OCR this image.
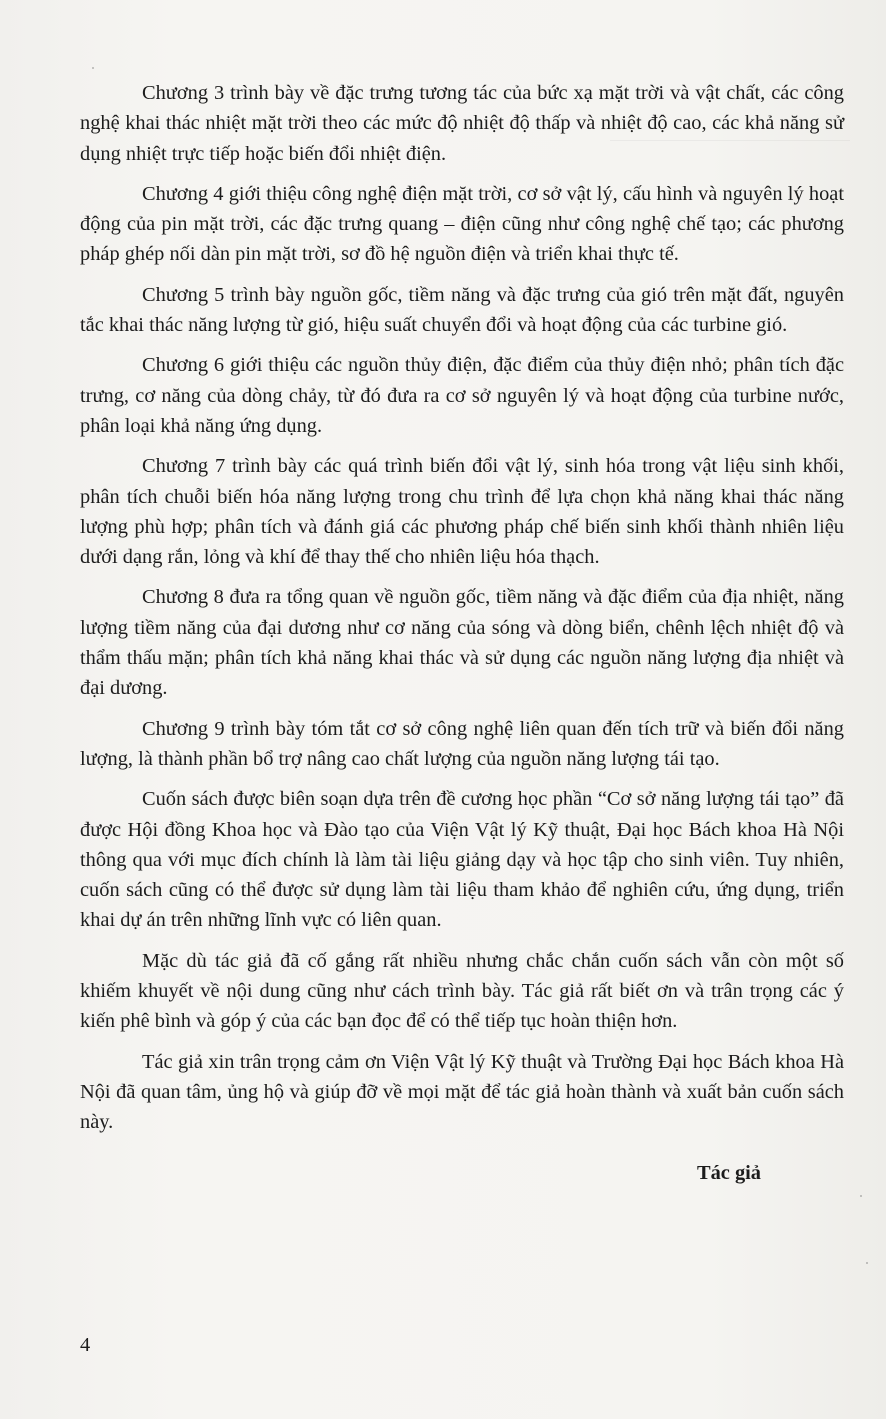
Chương 3 trình bày về đặc trưng tương tác của bức xạ mặt trời và vật chất, các công nghệ khai thác nhiệt mặt trời theo các mức độ nhiệt độ thấp và nhiệt độ cao, các khả năng sử dụng nhiệt trực tiếp hoặc biến đổi nhiệt điện.

Chương 4 giới thiệu công nghệ điện mặt trời, cơ sở vật lý, cấu hình và nguyên lý hoạt động của pin mặt trời, các đặc trưng quang – điện cũng như công nghệ chế tạo; các phương pháp ghép nối dàn pin mặt trời, sơ đồ hệ nguồn điện và triển khai thực tế.

Chương 5 trình bày nguồn gốc, tiềm năng và đặc trưng của gió trên mặt đất, nguyên tắc khai thác năng lượng từ gió, hiệu suất chuyển đổi và hoạt động của các turbine gió.

Chương 6 giới thiệu các nguồn thủy điện, đặc điểm của thủy điện nhỏ; phân tích đặc trưng, cơ năng của dòng chảy, từ đó đưa ra cơ sở nguyên lý và hoạt động của turbine nước, phân loại khả năng ứng dụng.

Chương 7 trình bày các quá trình biến đổi vật lý, sinh hóa trong vật liệu sinh khối, phân tích chuỗi biến hóa năng lượng trong chu trình để lựa chọn khả năng khai thác năng lượng phù hợp; phân tích và đánh giá các phương pháp chế biến sinh khối thành nhiên liệu dưới dạng rắn, lỏng và khí để thay thế cho nhiên liệu hóa thạch.

Chương 8 đưa ra tổng quan về nguồn gốc, tiềm năng và đặc điểm của địa nhiệt, năng lượng tiềm năng của đại dương như cơ năng của sóng và dòng biển, chênh lệch nhiệt độ và thẩm thấu mặn; phân tích khả năng khai thác và sử dụng các nguồn năng lượng địa nhiệt và đại dương.

Chương 9 trình bày tóm tắt cơ sở công nghệ liên quan đến tích trữ và biến đổi năng lượng, là thành phần bổ trợ nâng cao chất lượng của nguồn năng lượng tái tạo.

Cuốn sách được biên soạn dựa trên đề cương học phần “Cơ sở năng lượng tái tạo” đã được Hội đồng Khoa học và Đào tạo của Viện Vật lý Kỹ thuật, Đại học Bách khoa Hà Nội thông qua với mục đích chính là làm tài liệu giảng dạy và học tập cho sinh viên. Tuy nhiên, cuốn sách cũng có thể được sử dụng làm tài liệu tham khảo để nghiên cứu, ứng dụng, triển khai dự án trên những lĩnh vực có liên quan.

Mặc dù tác giả đã cố gắng rất nhiều nhưng chắc chắn cuốn sách vẫn còn một số khiếm khuyết về nội dung cũng như cách trình bày. Tác giả rất biết ơn và trân trọng các ý kiến phê bình và góp ý của các bạn đọc để có thể tiếp tục hoàn thiện hơn.

Tác giả xin trân trọng cảm ơn Viện Vật lý Kỹ thuật và Trường Đại học Bách khoa Hà Nội đã quan tâm, ủng hộ và giúp đỡ về mọi mặt để tác giả hoàn thành và xuất bản cuốn sách này.

Tác giả
4
